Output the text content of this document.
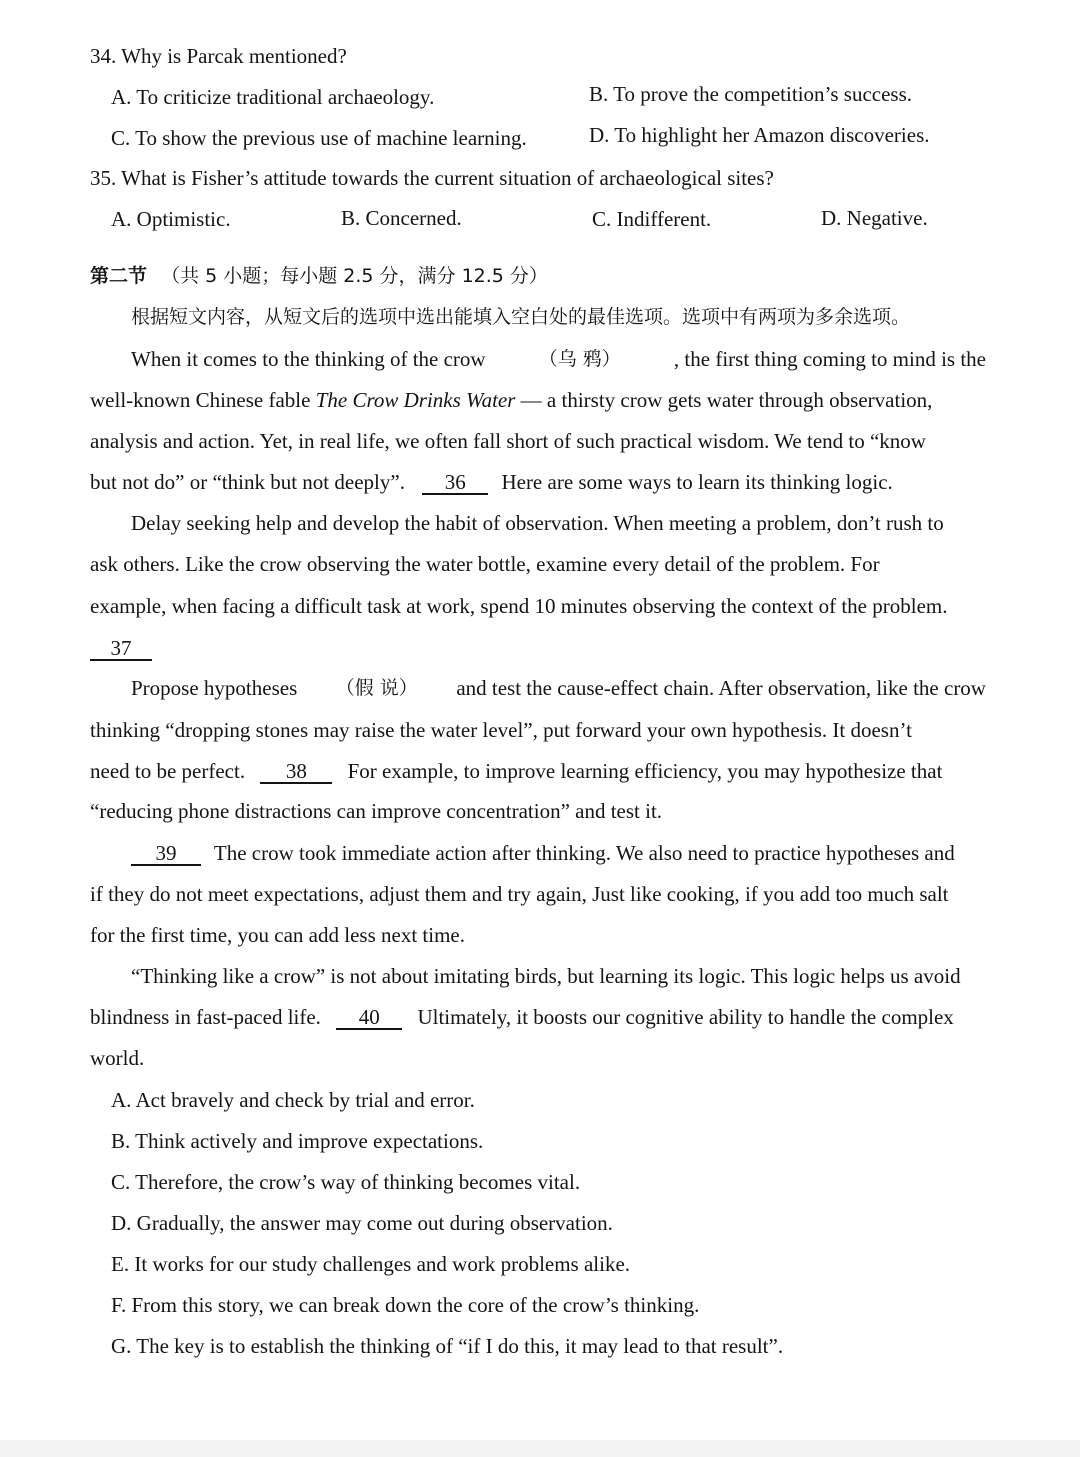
34. Why is Parcak mentioned?
A. To criticize traditional archaeology.	B. To prove the competition’s success.
C. To show the previous use of machine learning.	D. To highlight her Amazon discoveries.
35. What is Fisher’s attitude towards the current situation of archaeological sites?
A. Optimistic.	B. Concerned.	C. Indifferent.	D. Negative.
第二节 （共 5 小题；每小题 2.5 分，满分 12.5 分）
根据短文内容，从短文后的选项中选出能填入空白处的最佳选项。选项中有两项为多余选项。
When it comes to the thinking of the crow	（乌 鸦）	, the first thing coming to mind is the
well-known Chinese fable The Crow Drinks Water — a thirsty crow gets water through observation,
analysis and action. Yet, in real life, we often fall short of such practical wisdom. We tend to “know
but not do” or “think but not deeply”. 36 Here are some ways to learn its thinking logic.
Delay seeking help and develop the habit of observation. When meeting a problem, don’t rush to
ask others. Like the crow observing the water bottle, examine every detail of the problem. For
example, when facing a difficult task at work, spend 10 minutes observing the context of the problem.
37
Propose hypotheses （假 说） and test the cause-effect chain. After observation, like the crow
thinking “dropping stones may raise the water level”, put forward your own hypothesis. It doesn’t
need to be perfect. 38 For example, to improve learning efficiency, you may hypothesize that
“reducing phone distractions can improve concentration” and test it.
39 The crow took immediate action after thinking. We also need to practice hypotheses and
if they do not meet expectations, adjust them and try again, Just like cooking, if you add too much salt
for the first time, you can add less next time.
“Thinking like a crow” is not about imitating birds, but learning its logic. This logic helps us avoid
blindness in fast-paced life. 40 Ultimately, it boosts our cognitive ability to handle the complex
world.
A. Act bravely and check by trial and error.
B. Think actively and improve expectations.
C. Therefore, the crow’s way of thinking becomes vital.
D. Gradually, the answer may come out during observation.
E. It works for our study challenges and work problems alike.
F. From this story, we can break down the core of the crow’s thinking.
G. The key is to establish the thinking of “if I do this, it may lead to that result”.
